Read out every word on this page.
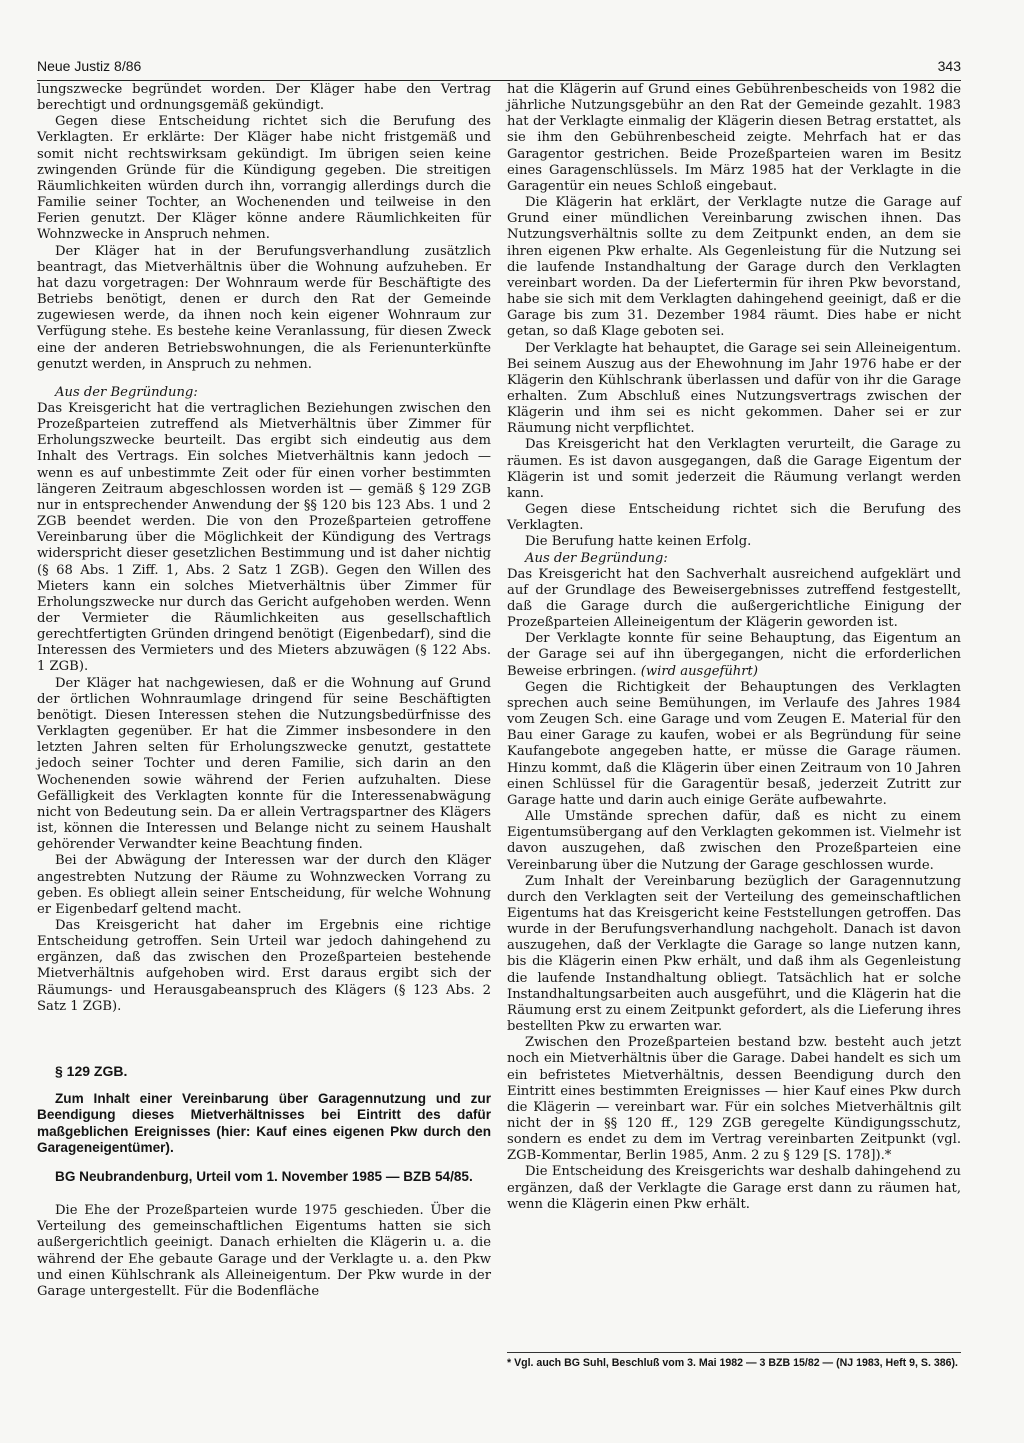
Neue Justiz 8/86	343

lungszwecke begründet worden. Der Kläger habe den Vertrag berechtigt und ordnungsgemäß gekündigt.

Gegen diese Entscheidung richtet sich die Berufung des Verklagten. Er erklärte: Der Kläger habe nicht fristgemäß und somit nicht rechtswirksam gekündigt. Im übrigen seien keine zwingenden Gründe für die Kündigung gegeben. Die streitigen Räumlichkeiten würden durch ihn, vorrangig allerdings durch die Familie seiner Tochter, an Wochenenden und teilweise in den Ferien genutzt. Der Kläger könne andere Räumlichkeiten für Wohnzwecke in Anspruch nehmen.

Der Kläger hat in der Berufungsverhandlung zusätzlich beantragt, das Mietverhältnis über die Wohnung aufzuheben. Er hat dazu vorgetragen: Der Wohnraum werde für Beschäftigte des Betriebs benötigt, denen er durch den Rat der Gemeinde zugewiesen werde, da ihnen noch kein eigener Wohnraum zur Verfügung stehe. Es bestehe keine Veranlassung, für diesen Zweck eine der anderen Betriebswohnungen, die als Ferienunterkünfte genutzt werden, in Anspruch zu nehmen.

Aus der Begründung:

Das Kreisgericht hat die vertraglichen Beziehungen zwischen den Prozeßparteien zutreffend als Mietverhältnis über Zimmer für Erholungszwecke beurteilt. Das ergibt sich eindeutig aus dem Inhalt des Vertrags. Ein solches Mietverhältnis kann jedoch — wenn es auf unbestimmte Zeit oder für einen vorher bestimmten längeren Zeitraum abgeschlossen worden ist — gemäß § 129 ZGB nur in entsprechender Anwendung der §§ 120 bis 123 Abs. 1 und 2 ZGB beendet werden. Die von den Prozeßparteien getroffene Vereinbarung über die Möglichkeit der Kündigung des Vertrags widerspricht dieser gesetzlichen Bestimmung und ist daher nichtig (§ 68 Abs. 1 Ziff. 1, Abs. 2 Satz 1 ZGB). Gegen den Willen des Mieters kann ein solches Mietverhältnis über Zimmer für Erholungszwecke nur durch das Gericht aufgehoben werden. Wenn der Vermieter die Räumlichkeiten aus gesellschaftlich gerechtfertigten Gründen dringend benötigt (Eigenbedarf), sind die Interessen des Vermieters und des Mieters abzuwägen (§ 122 Abs. 1 ZGB).

Der Kläger hat nachgewiesen, daß er die Wohnung auf Grund der örtlichen Wohnraumlage dringend für seine Beschäftigten benötigt. Diesen Interessen stehen die Nutzungsbedürfnisse des Verklagten gegenüber. Er hat die Zimmer insbesondere in den letzten Jahren selten für Erholungszwecke genutzt, gestattete jedoch seiner Tochter und deren Familie, sich darin an den Wochenenden sowie während der Ferien aufzuhalten. Diese Gefälligkeit des Verklagten konnte für die Interessenabwägung nicht von Bedeutung sein. Da er allein Vertragspartner des Klägers ist, können die Interessen und Belange nicht zu seinem Haushalt gehörender Verwandter keine Beachtung finden.

Bei der Abwägung der Interessen war der durch den Kläger angestrebten Nutzung der Räume zu Wohnzwecken Vorrang zu geben. Es obliegt allein seiner Entscheidung, für welche Wohnung er Eigenbedarf geltend macht.

Das Kreisgericht hat daher im Ergebnis eine richtige Entscheidung getroffen. Sein Urteil war jedoch dahingehend zu ergänzen, daß das zwischen den Prozeßparteien bestehende Mietverhältnis aufgehoben wird. Erst daraus ergibt sich der Räumungs- und Herausgabeanspruch des Klägers (§ 123 Abs. 2 Satz 1 ZGB).

§ 129 ZGB.

Zum Inhalt einer Vereinbarung über Garagennutzung und zur Beendigung dieses Mietverhältnisses bei Eintritt des dafür maßgeblichen Ereignisses (hier: Kauf eines eigenen Pkw durch den Garageneigentümer).

BG Neubrandenburg, Urteil vom 1. November 1985 — BZB 54/85.

Die Ehe der Prozeßparteien wurde 1975 geschieden. Über die Verteilung des gemeinschaftlichen Eigentums hatten sie sich außergerichtlich geeinigt. Danach erhielten die Klägerin u. a. die während der Ehe gebaute Garage und der Verklagte u. a. den Pkw und einen Kühlschrank als Alleineigentum. Der Pkw wurde in der Garage untergestellt. Für die Bodenfläche

hat die Klägerin auf Grund eines Gebührenbescheids von 1982 die jährliche Nutzungsgebühr an den Rat der Gemeinde gezahlt. 1983 hat der Verklagte einmalig der Klägerin diesen Betrag erstattet, als sie ihm den Gebührenbescheid zeigte. Mehrfach hat er das Garagentor gestrichen. Beide Prozeßparteien waren im Besitz eines Garagenschlüssels. Im März 1985 hat der Verklagte in die Garagentür ein neues Schloß eingebaut.

Die Klägerin hat erklärt, der Verklagte nutze die Garage auf Grund einer mündlichen Vereinbarung zwischen ihnen. Das Nutzungsverhältnis sollte zu dem Zeitpunkt enden, an dem sie ihren eigenen Pkw erhalte. Als Gegenleistung für die Nutzung sei die laufende Instandhaltung der Garage durch den Verklagten vereinbart worden. Da der Liefertermin für ihren Pkw bevorstand, habe sie sich mit dem Verklagten dahingehend geeinigt, daß er die Garage bis zum 31. Dezember 1984 räumt. Dies habe er nicht getan, so daß Klage geboten sei.

Der Verklagte hat behauptet, die Garage sei sein Alleineigentum. Bei seinem Auszug aus der Ehewohnung im Jahr 1976 habe er der Klägerin den Kühlschrank überlassen und dafür von ihr die Garage erhalten. Zum Abschluß eines Nutzungsvertrags zwischen der Klägerin und ihm sei es nicht gekommen. Daher sei er zur Räumung nicht verpflichtet.

Das Kreisgericht hat den Verklagten verurteilt, die Garage zu räumen. Es ist davon ausgegangen, daß die Garage Eigentum der Klägerin ist und somit jederzeit die Räumung verlangt werden kann.

Gegen diese Entscheidung richtet sich die Berufung des Verklagten.

Die Berufung hatte keinen Erfolg.

Aus der Begründung:

Das Kreisgericht hat den Sachverhalt ausreichend aufgeklärt und auf der Grundlage des Beweisergebnisses zutreffend festgestellt, daß die Garage durch die außergerichtliche Einigung der Prozeßparteien Alleineigentum der Klägerin geworden ist.

Der Verklagte konnte für seine Behauptung, das Eigentum an der Garage sei auf ihn übergegangen, nicht die erforderlichen Beweise erbringen. (wird ausgeführt)

Gegen die Richtigkeit der Behauptungen des Verklagten sprechen auch seine Bemühungen, im Verlaufe des Jahres 1984 vom Zeugen Sch. eine Garage und vom Zeugen E. Material für den Bau einer Garage zu kaufen, wobei er als Begründung für seine Kaufangebote angegeben hatte, er müsse die Garage räumen. Hinzu kommt, daß die Klägerin über einen Zeitraum von 10 Jahren einen Schlüssel für die Garagentür besaß, jederzeit Zutritt zur Garage hatte und darin auch einige Geräte aufbewahrte.

Alle Umstände sprechen dafür, daß es nicht zu einem Eigentumsübergang auf den Verklagten gekommen ist. Vielmehr ist davon auszugehen, daß zwischen den Prozeßparteien eine Vereinbarung über die Nutzung der Garage geschlossen wurde.

Zum Inhalt der Vereinbarung bezüglich der Garagennutzung durch den Verklagten seit der Verteilung des gemeinschaftlichen Eigentums hat das Kreisgericht keine Feststellungen getroffen. Das wurde in der Berufungsverhandlung nachgeholt. Danach ist davon auszugehen, daß der Verklagte die Garage so lange nutzen kann, bis die Klägerin einen Pkw erhält, und daß ihm als Gegenleistung die laufende Instandhaltung obliegt. Tatsächlich hat er solche Instandhaltungsarbeiten auch ausgeführt, und die Klägerin hat die Räumung erst zu einem Zeitpunkt gefordert, als die Lieferung ihres bestellten Pkw zu erwarten war.

Zwischen den Prozeßparteien bestand bzw. besteht auch jetzt noch ein Mietverhältnis über die Garage. Dabei handelt es sich um ein befristetes Mietverhältnis, dessen Beendigung durch den Eintritt eines bestimmten Ereignisses — hier Kauf eines Pkw durch die Klägerin — vereinbart war. Für ein solches Mietverhältnis gilt nicht der in §§ 120 ff., 129 ZGB geregelte Kündigungsschutz, sondern es endet zu dem im Vertrag vereinbarten Zeitpunkt (vgl. ZGB-Kommentar, Berlin 1985, Anm. 2 zu § 129 [S. 178]).*

Die Entscheidung des Kreisgerichts war deshalb dahingehend zu ergänzen, daß der Verklagte die Garage erst dann zu räumen hat, wenn die Klägerin einen Pkw erhält.

* Vgl. auch BG Suhl, Beschluß vom 3. Mai 1982 — 3 BZB 15/82 — (NJ 1983, Heft 9, S. 386).
